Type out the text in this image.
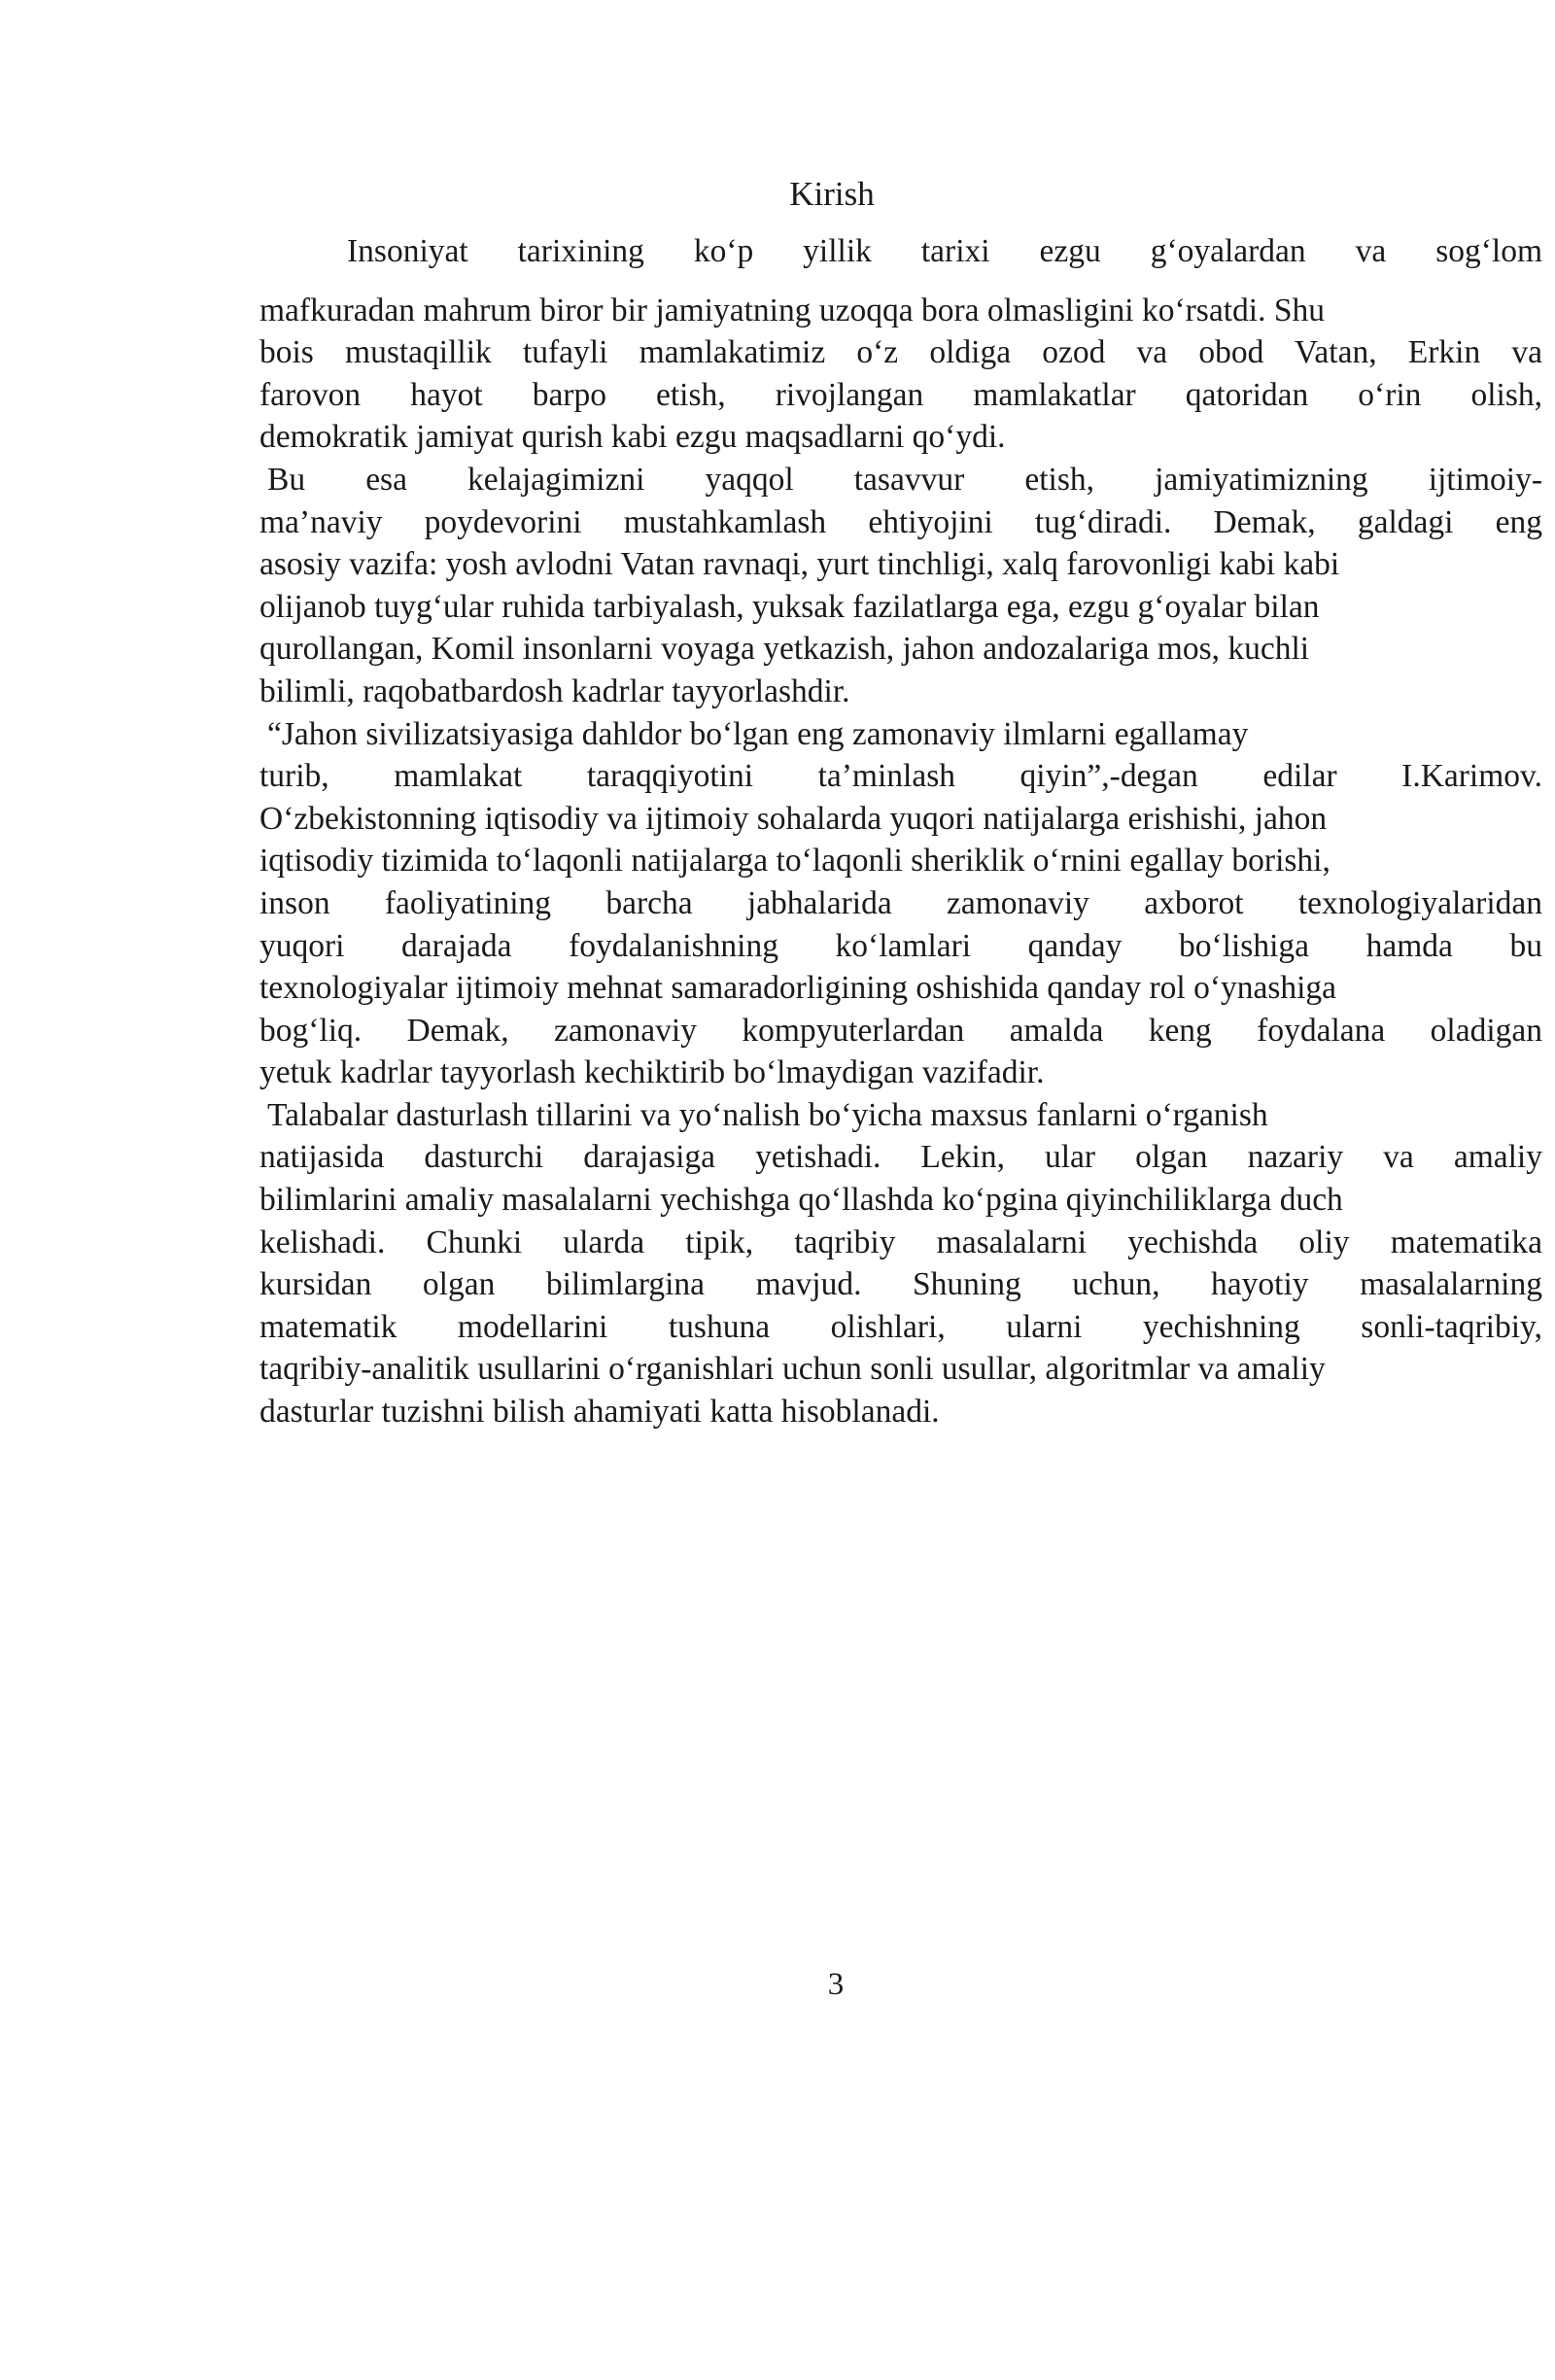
Kirish
Insoniyat tarixining ko‘p yillik tarixi ezgu g‘oyalardan va sog‘lom
mafkuradan mahrum biror bir jamiyatning uzoqqa bora olmasligini ko‘rsatdi. Shu
bois mustaqillik tufayli mamlakatimiz o‘z oldiga ozod va obod Vatan, Erkin va
farovon hayot barpo etish, rivojlangan mamlakatlar qatoridan o‘rin olish,
demokratik jamiyat qurish kabi ezgu maqsadlarni qo‘ydi.
Bu esa kelajagimizni yaqqol tasavvur etish, jamiyatimizning ijtimoiy-
ma’naviy poydevorini mustahkamlash ehtiyojini tug‘diradi. Demak, galdagi eng
asosiy vazifa: yosh avlodni Vatan ravnaqi, yurt tinchligi, xalq farovonligi kabi kabi
olijanob tuyg‘ular ruhida tarbiyalash, yuksak fazilatlarga ega, ezgu g‘oyalar bilan
qurollangan, Komil insonlarni voyaga yetkazish, jahon andozalariga mos, kuchli
bilimli, raqobatbardosh kadrlar tayyorlashdir.
“Jahon sivilizatsiyasiga dahldor bo‘lgan eng zamonaviy ilmlarni egallamay
turib, mamlakat taraqqiyotini ta’minlash qiyin”,-degan edilar I.Karimov.
O‘zbekistonning iqtisodiy va ijtimoiy sohalarda yuqori natijalarga erishishi, jahon
iqtisodiy tizimida to‘laqonli natijalarga to‘laqonli sheriklik o‘rnini egallay borishi,
inson faoliyatining barcha jabhalarida zamonaviy axborot texnologiyalaridan
yuqori darajada foydalanishning ko‘lamlari qanday bo‘lishiga hamda bu
texnologiyalar ijtimoiy mehnat samaradorligining oshishida qanday rol o‘ynashiga
bog‘liq. Demak, zamonaviy kompyuterlardan amalda keng foydalana oladigan
yetuk kadrlar tayyorlash kechiktirib bo‘lmaydigan vazifadir.
Talabalar dasturlash tillarini va yo‘nalish bo‘yicha maxsus fanlarni o‘rganish
natijasida dasturchi darajasiga yetishadi. Lekin, ular olgan nazariy va amaliy
bilimlarini amaliy masalalarni yechishga qo‘llashda ko‘pgina qiyinchiliklarga duch
kelishadi. Chunki ularda tipik, taqribiy masalalarni yechishda oliy matematika
kursidan olgan bilimlargina mavjud. Shuning uchun, hayotiy masalalarning
matematik modellarini tushuna olishlari, ularni yechishning sonli-taqribiy,
taqribiy-analitik usullarini o‘rganishlari uchun sonli usullar, algoritmlar va amaliy
dasturlar tuzishni bilish ahamiyati katta hisoblanadi.
3
